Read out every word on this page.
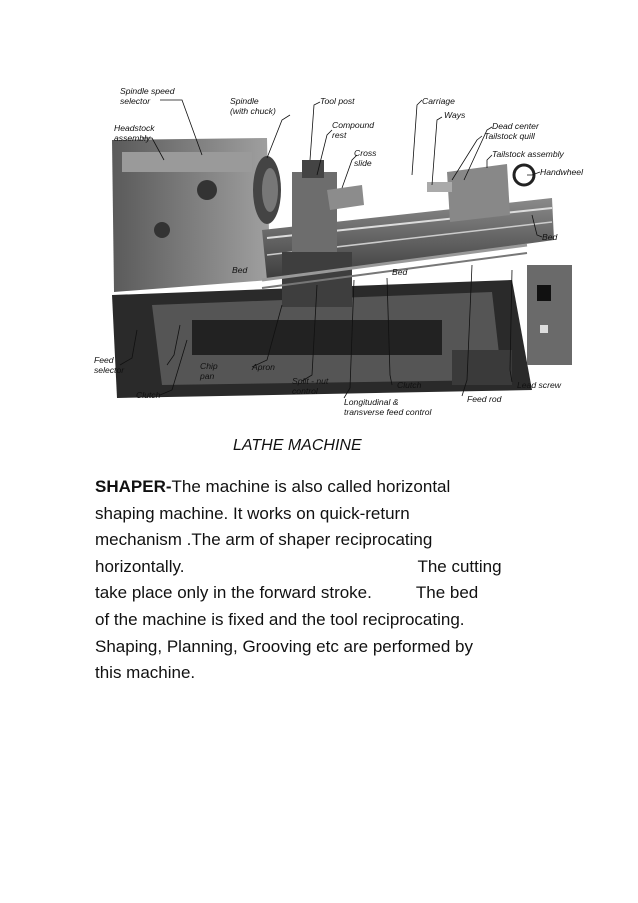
Spindle speed
selector
Headstock
assembly
Spindle
(with chuck)
Tool post
Compound
rest
Cross
slide
Carriage
Ways
Dead center
Tailstock quill
Tailstock assembly
Handwheel
Bed
Bed	Bed
Feed
selector	Chip
pan
Apron
Clutch
Split - nut
control
Clutch
Longitudinal &
transverse feed control
Feed rod
Lead screw
LATHE MACHINE
SHAPER-The machine is also called horizontal
shaping machine. It works on quick-return
mechanism .The arm of shaper reciprocating
horizontally.	The cutting
take place only in the forward stroke.	The bed
of the machine is fixed and the tool reciprocating.
Shaping, Planning, Grooving etc are performed by
this machine.
